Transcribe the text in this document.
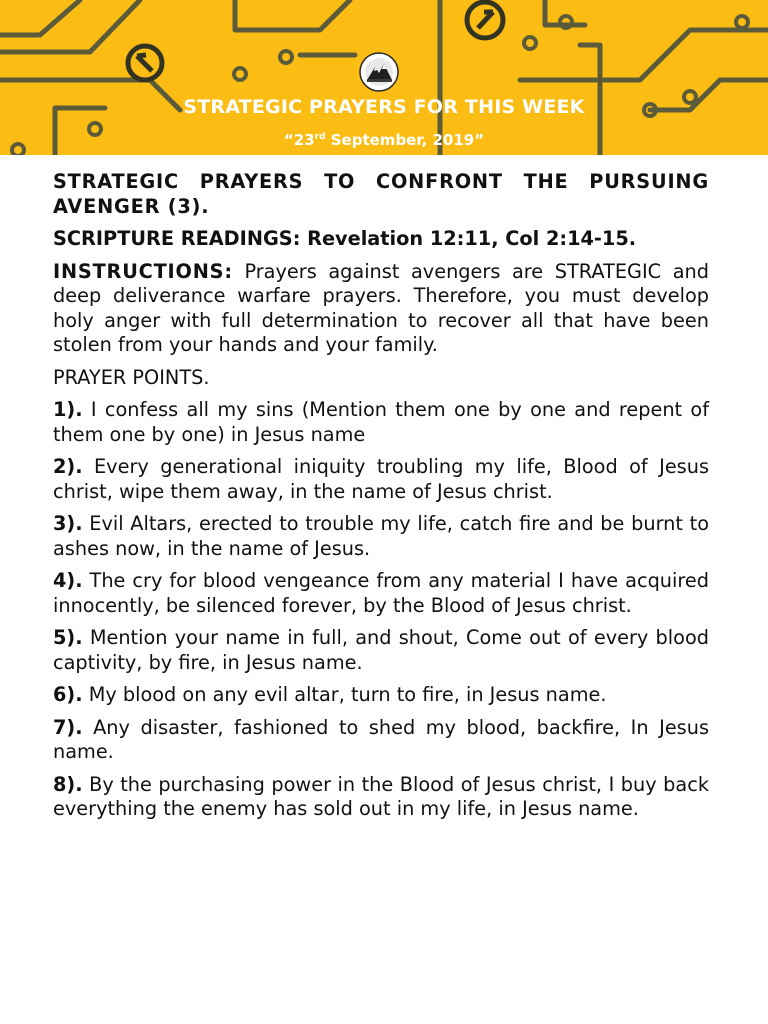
STRATEGIC PRAYERS FOR THIS WEEK
“23rd September, 2019”

STRATEGIC PRAYERS TO CONFRONT THE PURSUING AVENGER (3).

SCRIPTURE READINGS: Revelation 12:11, Col 2:14-15.

INSTRUCTIONS: Prayers against avengers are STRATEGIC and deep deliverance warfare prayers. Therefore, you must develop holy anger with full determination to recover all that have been stolen from your hands and your family.

PRAYER POINTS.

1). I confess all my sins (Mention them one by one and repent of them one by one) in Jesus name

2). Every generational iniquity troubling my life, Blood of Jesus christ, wipe them away, in the name of Jesus christ.

3). Evil Altars, erected to trouble my life, catch fire and be burnt to ashes now, in the name of Jesus.

4). The cry for blood vengeance from any material I have acquired innocently, be silenced forever, by the Blood of Jesus christ.

5). Mention your name in full, and shout, Come out of every blood captivity, by fire, in Jesus name.

6). My blood on any evil altar, turn to fire, in Jesus name.

7). Any disaster, fashioned to shed my blood, backfire, In Jesus name.

8). By the purchasing power in the Blood of Jesus christ, I buy back everything the enemy has sold out in my life, in Jesus name.
